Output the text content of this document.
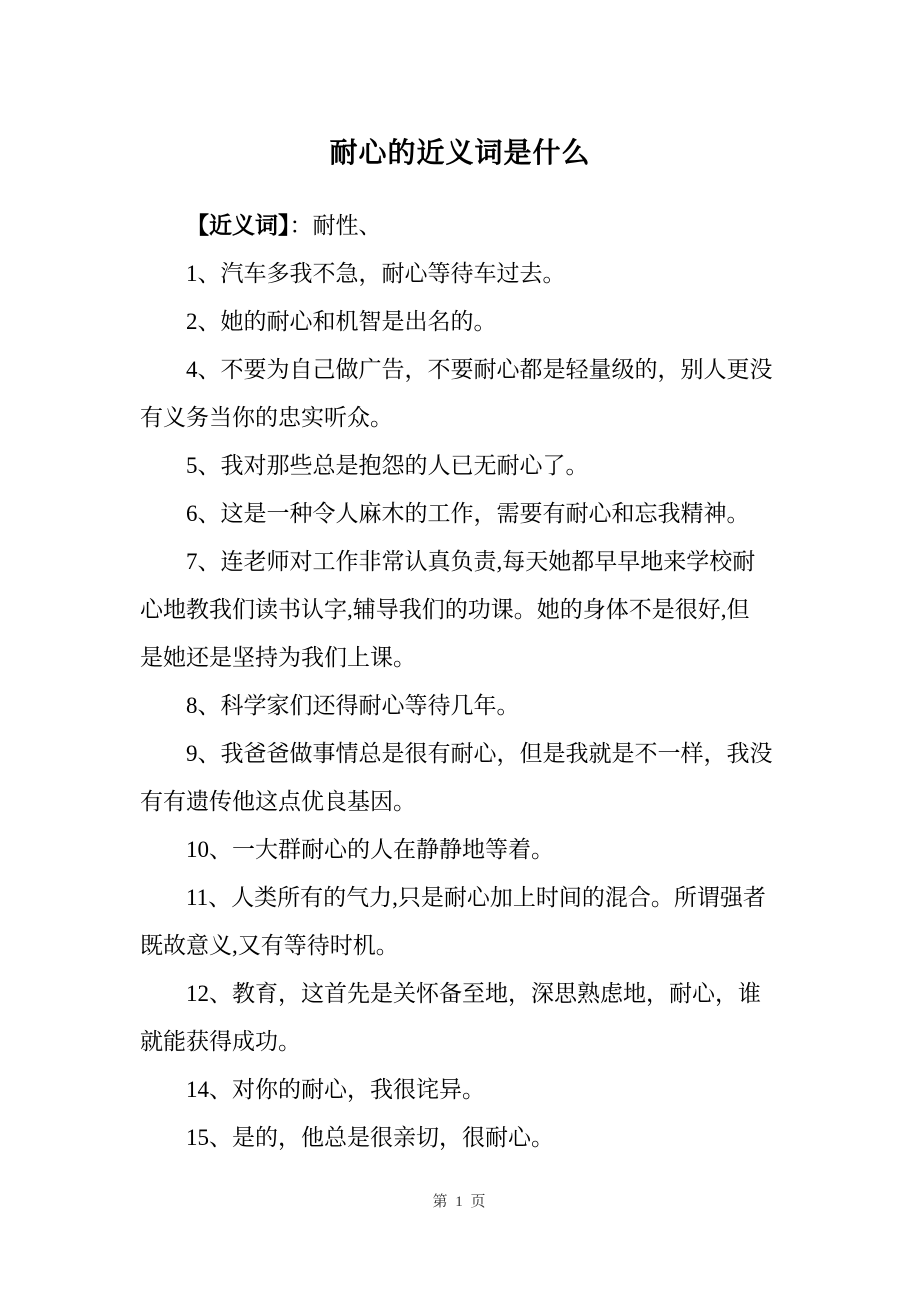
耐心的近义词是什么
【近义词】：耐性、
1、汽车多我不急，耐心等待车过去。
2、她的耐心和机智是出名的。
4、不要为自己做广告，不要耐心都是轻量级的，别人更没
有义务当你的忠实听众。
5、我对那些总是抱怨的人已无耐心了。
6、这是一种令人麻木的工作，需要有耐心和忘我精神。
7、连老师对工作非常认真负责,每天她都早早地来学校耐
心地教我们读书认字,辅导我们的功课。她的身体不是很好,但
是她还是坚持为我们上课。
8、科学家们还得耐心等待几年。
9、我爸爸做事情总是很有耐心，但是我就是不一样，我没
有有遗传他这点优良基因。
10、一大群耐心的人在静静地等着。
11、人类所有的气力,只是耐心加上时间的混合。所谓强者
既故意义,又有等待时机。
12、教育，这首先是关怀备至地，深思熟虑地，耐心，谁
就能获得成功。
14、对你的耐心，我很诧异。
15、是的，他总是很亲切，很耐心。
第 1 页
